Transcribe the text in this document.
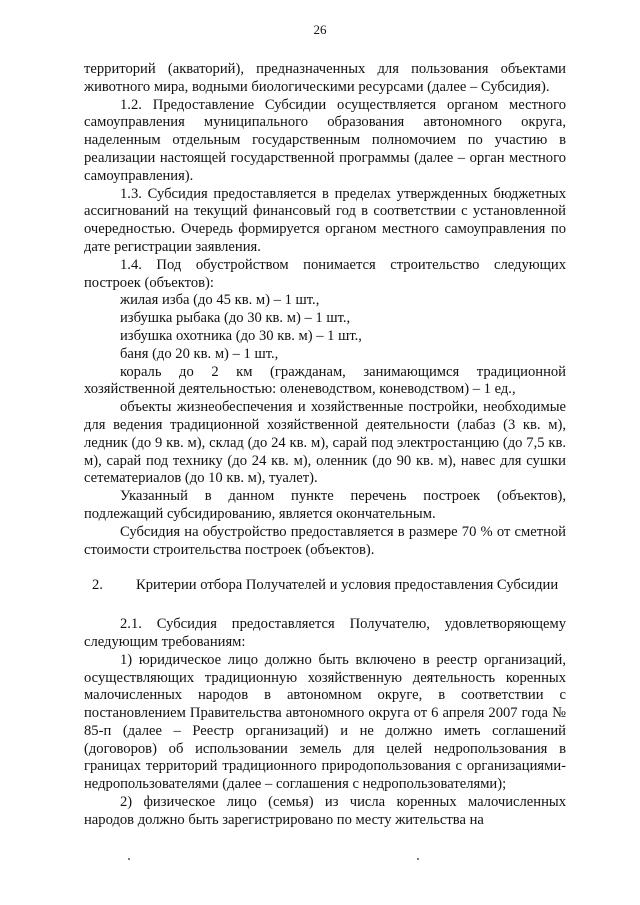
26

территорий (акваторий), предназначенных для пользования объектами животного мира, водными биологическими ресурсами (далее – Субсидия).

1.2. Предоставление Субсидии осуществляется органом местного самоуправления муниципального образования автономного округа, наделенным отдельным государственным полномочием по участию в реализации настоящей государственной программы (далее – орган местного самоуправления).

1.3. Субсидия предоставляется в пределах утвержденных бюджетных ассигнований на текущий финансовый год в соответствии с установленной очередностью. Очередь формируется органом местного самоуправления по дате регистрации заявления.

1.4. Под обустройством понимается строительство следующих построек (объектов):

жилая изба (до 45 кв. м) – 1 шт.,

избушка рыбака (до 30 кв. м) – 1 шт.,

избушка охотника (до 30 кв. м) – 1 шт.,

баня (до 20 кв. м) – 1 шт.,

кораль до 2 км (гражданам, занимающимся традиционной хозяйственной деятельностью: оленеводством, коневодством) – 1 ед.,

объекты жизнеобеспечения и хозяйственные постройки, необходимые для ведения традиционной хозяйственной деятельности (лабаз (3 кв. м), ледник (до 9 кв. м), склад (до 24 кв. м), сарай под электростанцию (до 7,5 кв. м), сарай под технику (до 24 кв. м), оленник (до 90 кв. м), навес для сушки сетематериалов (до 10 кв. м), туалет).

Указанный в данном пункте перечень построек (объектов), подлежащий субсидированию, является окончательным.

Субсидия на обустройство предоставляется в размере 70 % от сметной стоимости строительства построек (объектов).

2.	Критерии отбора Получателей и условия предоставления Субсидии

2.1. Субсидия предоставляется Получателю, удовлетворяющему следующим требованиям:

1) юридическое лицо должно быть включено в реестр организаций, осуществляющих традиционную хозяйственную деятельность коренных малочисленных народов в автономном округе, в соответствии с постановлением Правительства автономного округа от 6 апреля 2007 года № 85-п (далее – Реестр организаций) и не должно иметь соглашений (договоров) об использовании земель для целей недропользования в границах территорий традиционного природопользования с организациями-недропользователями (далее – соглашения с недропользователями);

2) физическое лицо (семья) из числа коренных малочисленных народов должно быть зарегистрировано по месту жительства на
